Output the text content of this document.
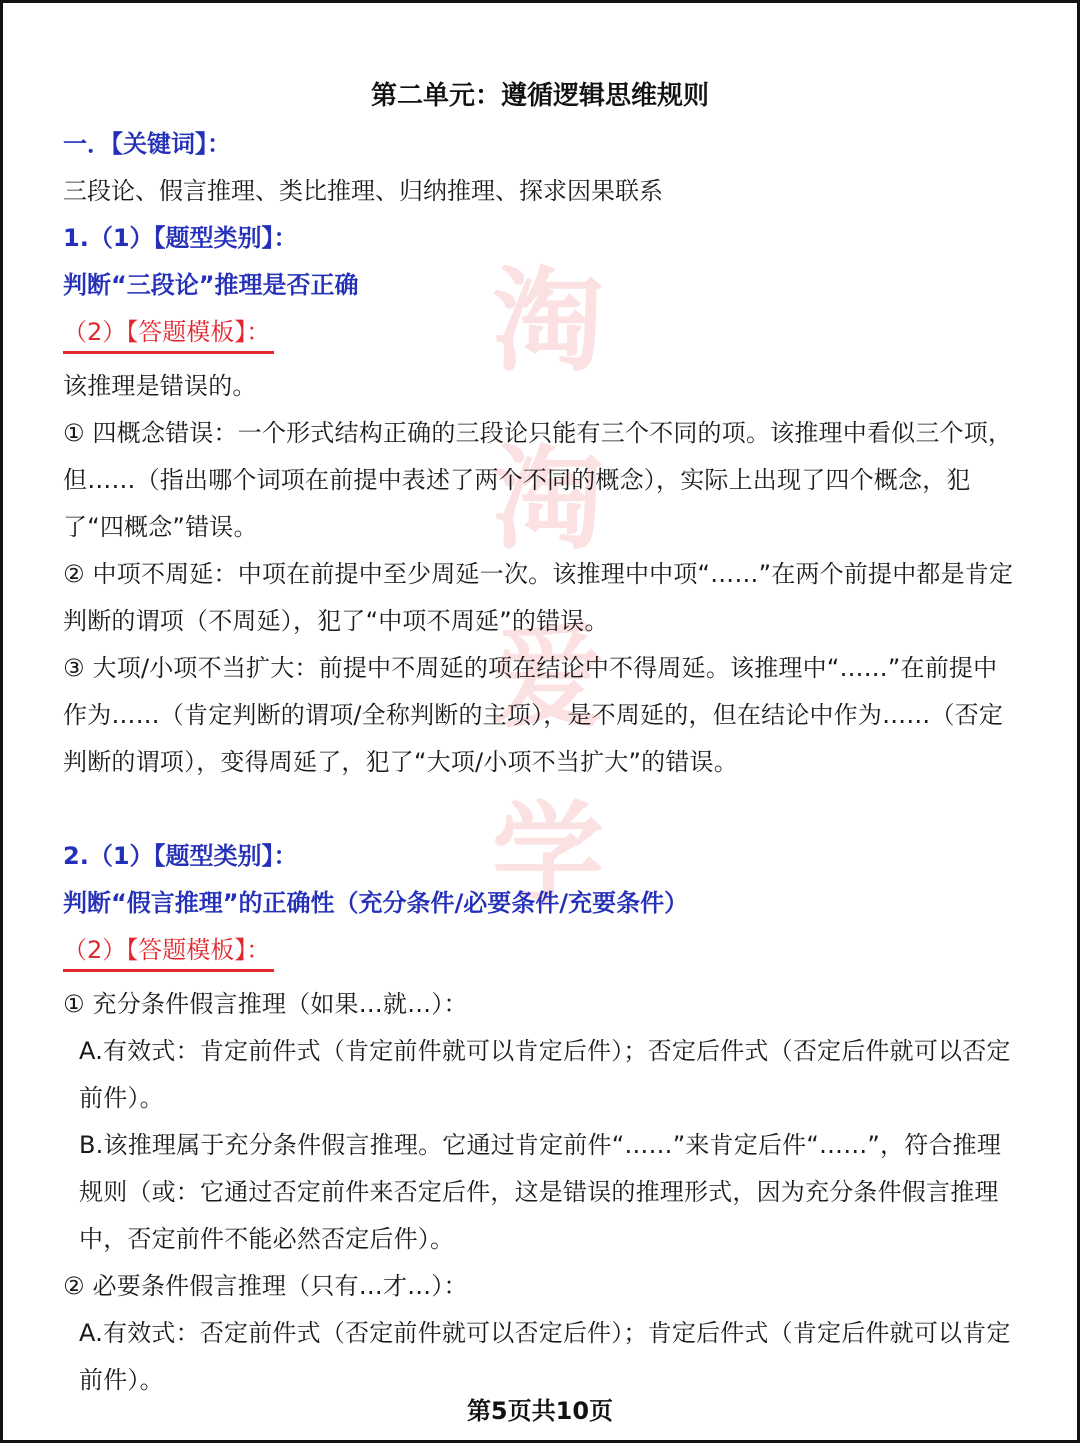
淘
淘
爱
学
第二单元：遵循逻辑思维规则

一．【关键词】：

三段论、假言推理、类比推理、归纳推理、探求因果联系

1.（1）【题型类别】：

判断“三段论”推理是否正确

（2）【答题模板】：

该推理是错误的。

① 四概念错误：一个形式结构正确的三段论只能有三个不同的项。该推理中看似三个项，但……（指出哪个词项在前提中表述了两个不同的概念），实际上出现了四个概念，犯了“四概念”错误。

② 中项不周延：中项在前提中至少周延一次。该推理中中项“……”在两个前提中都是肯定判断的谓项（不周延），犯了“中项不周延”的错误。

③ 大项/小项不当扩大：前提中不周延的项在结论中不得周延。该推理中“……”在前提中作为……（肯定判断的谓项/全称判断的主项），是不周延的，但在结论中作为……（否定判断的谓项），变得周延了，犯了“大项/小项不当扩大”的错误。

2.（1）【题型类别】：

判断“假言推理”的正确性（充分条件/必要条件/充要条件）

（2）【答题模板】：

① 充分条件假言推理（如果…就…）：

A.有效式：肯定前件式（肯定前件就可以肯定后件）；否定后件式（否定后件就可以否定前件）。

B.该推理属于充分条件假言推理。它通过肯定前件“……”来肯定后件“……”，符合推理规则（或：它通过否定前件来否定后件，这是错误的推理形式，因为充分条件假言推理中，否定前件不能必然否定后件）。

② 必要条件假言推理（只有…才…）：

A.有效式：否定前件式（否定前件就可以否定后件）；肯定后件式（肯定后件就可以肯定前件）。

第5页共10页
